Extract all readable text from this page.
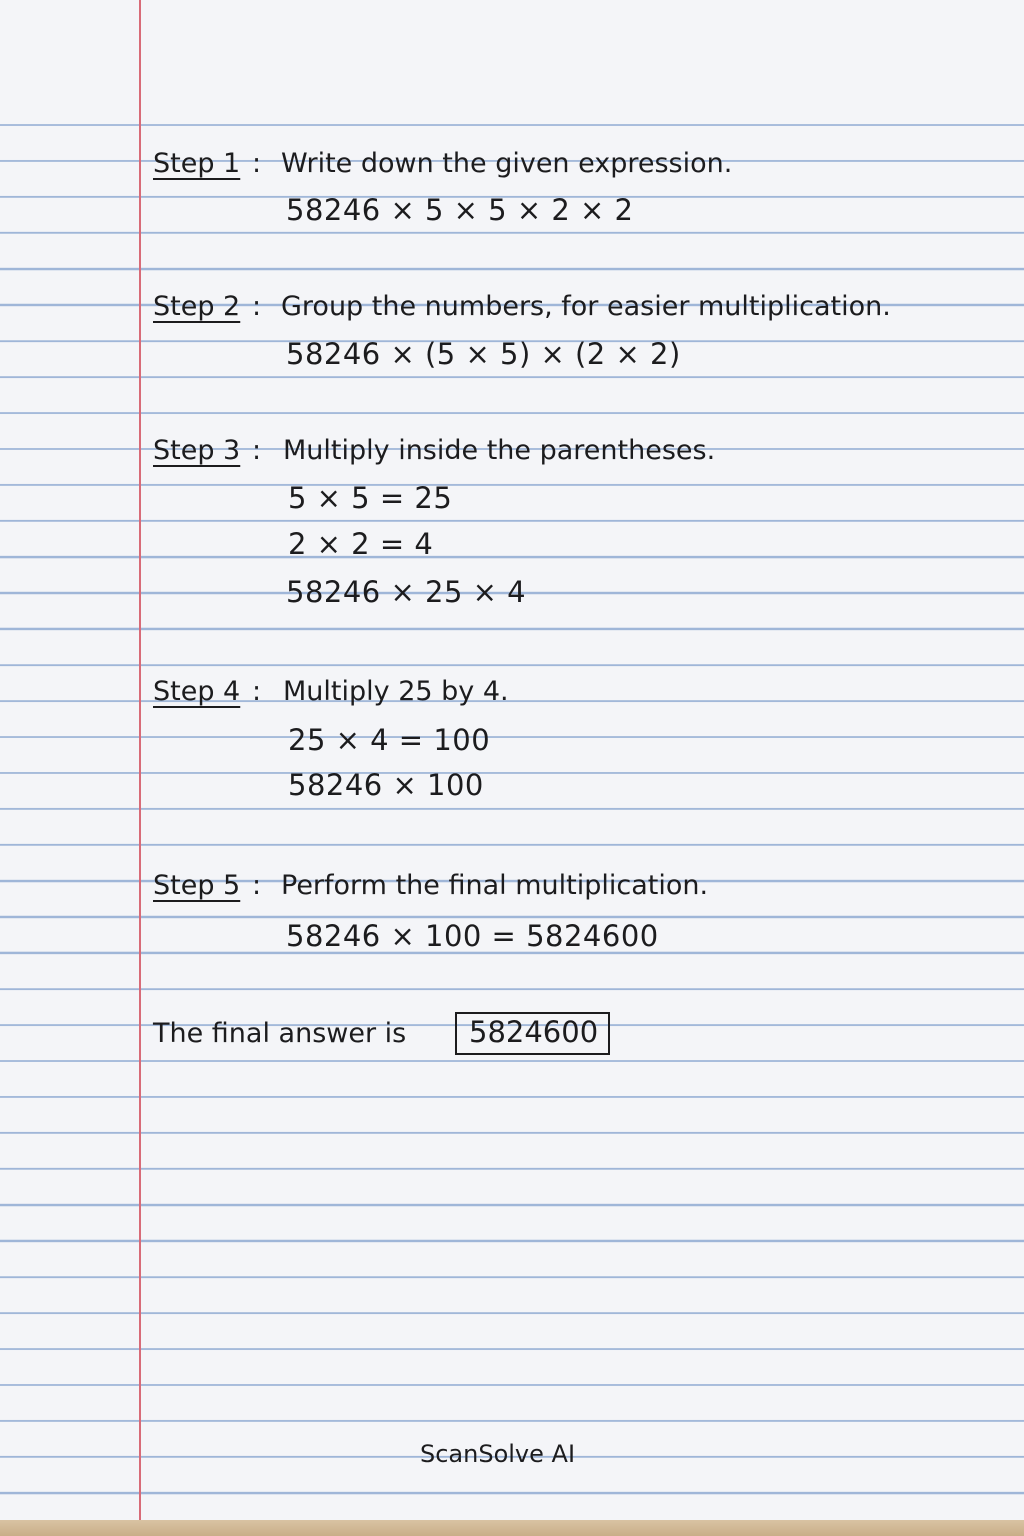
Step 1 : Write down the given expression.
58246 × 5 × 5 × 2 × 2
Step 2 : Group the numbers, for easier multiplication.
58246 × (5 × 5) × (2 × 2)
Step 3 : Multiply inside the parentheses.
5 × 5 = 25
2 × 2 = 4
58246 × 25 × 4
Step 4 : Multiply 25 by 4.
25 × 4 = 100
58246 × 100
Step 5 : Perform the final multiplication.
58246 × 100 = 5824600
The final answer is	5824600
ScanSolve AI
